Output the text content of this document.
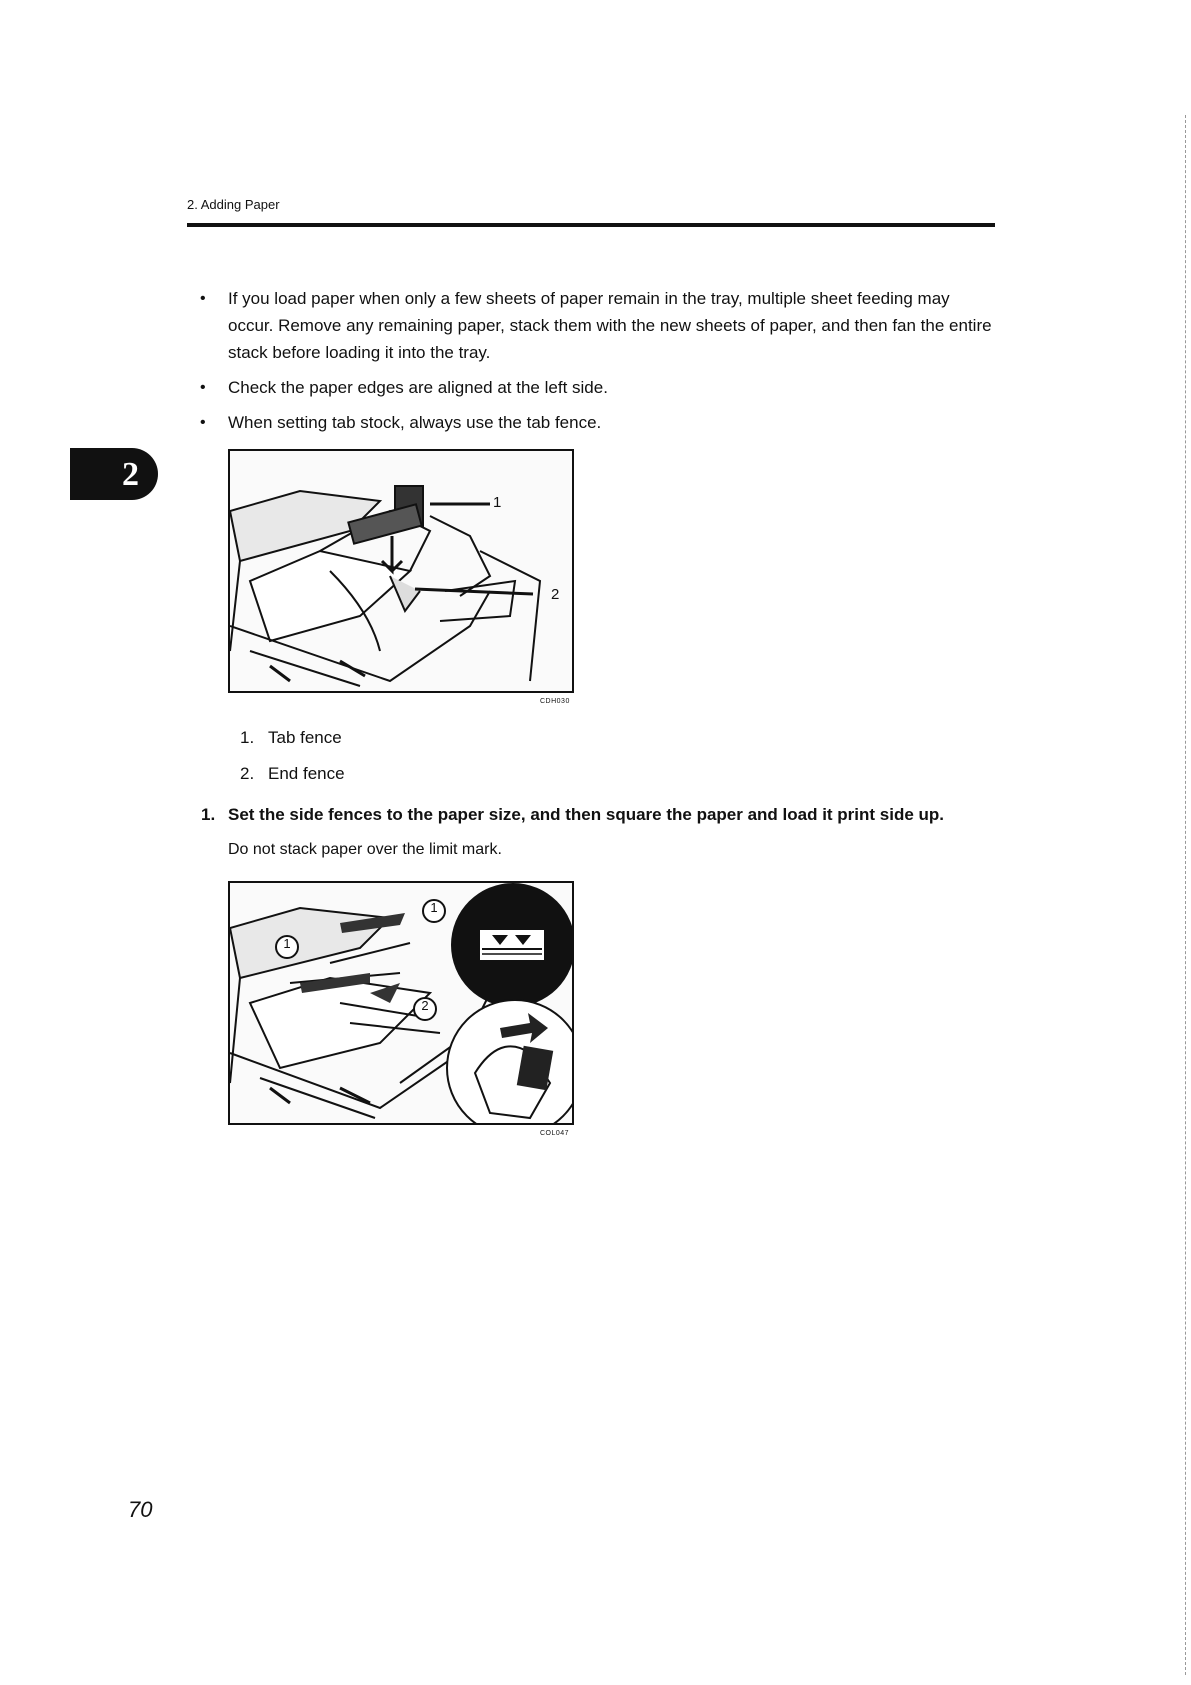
2. Adding Paper
2
• If you load paper when only a few sheets of paper remain in the tray, multiple sheet feeding may occur. Remove any remaining paper, stack them with the new sheets of paper, and then fan the entire stack before loading it into the tray.
• Check the paper edges are aligned at the left side.
• When setting tab stock, always use the tab fence.
CDH030
1
2
1. Tab fence
2. End fence
1. Set the side fences to the paper size, and then square the paper and load it print side up.
Do not stack paper over the limit mark.
1
1
2
COL047
70
